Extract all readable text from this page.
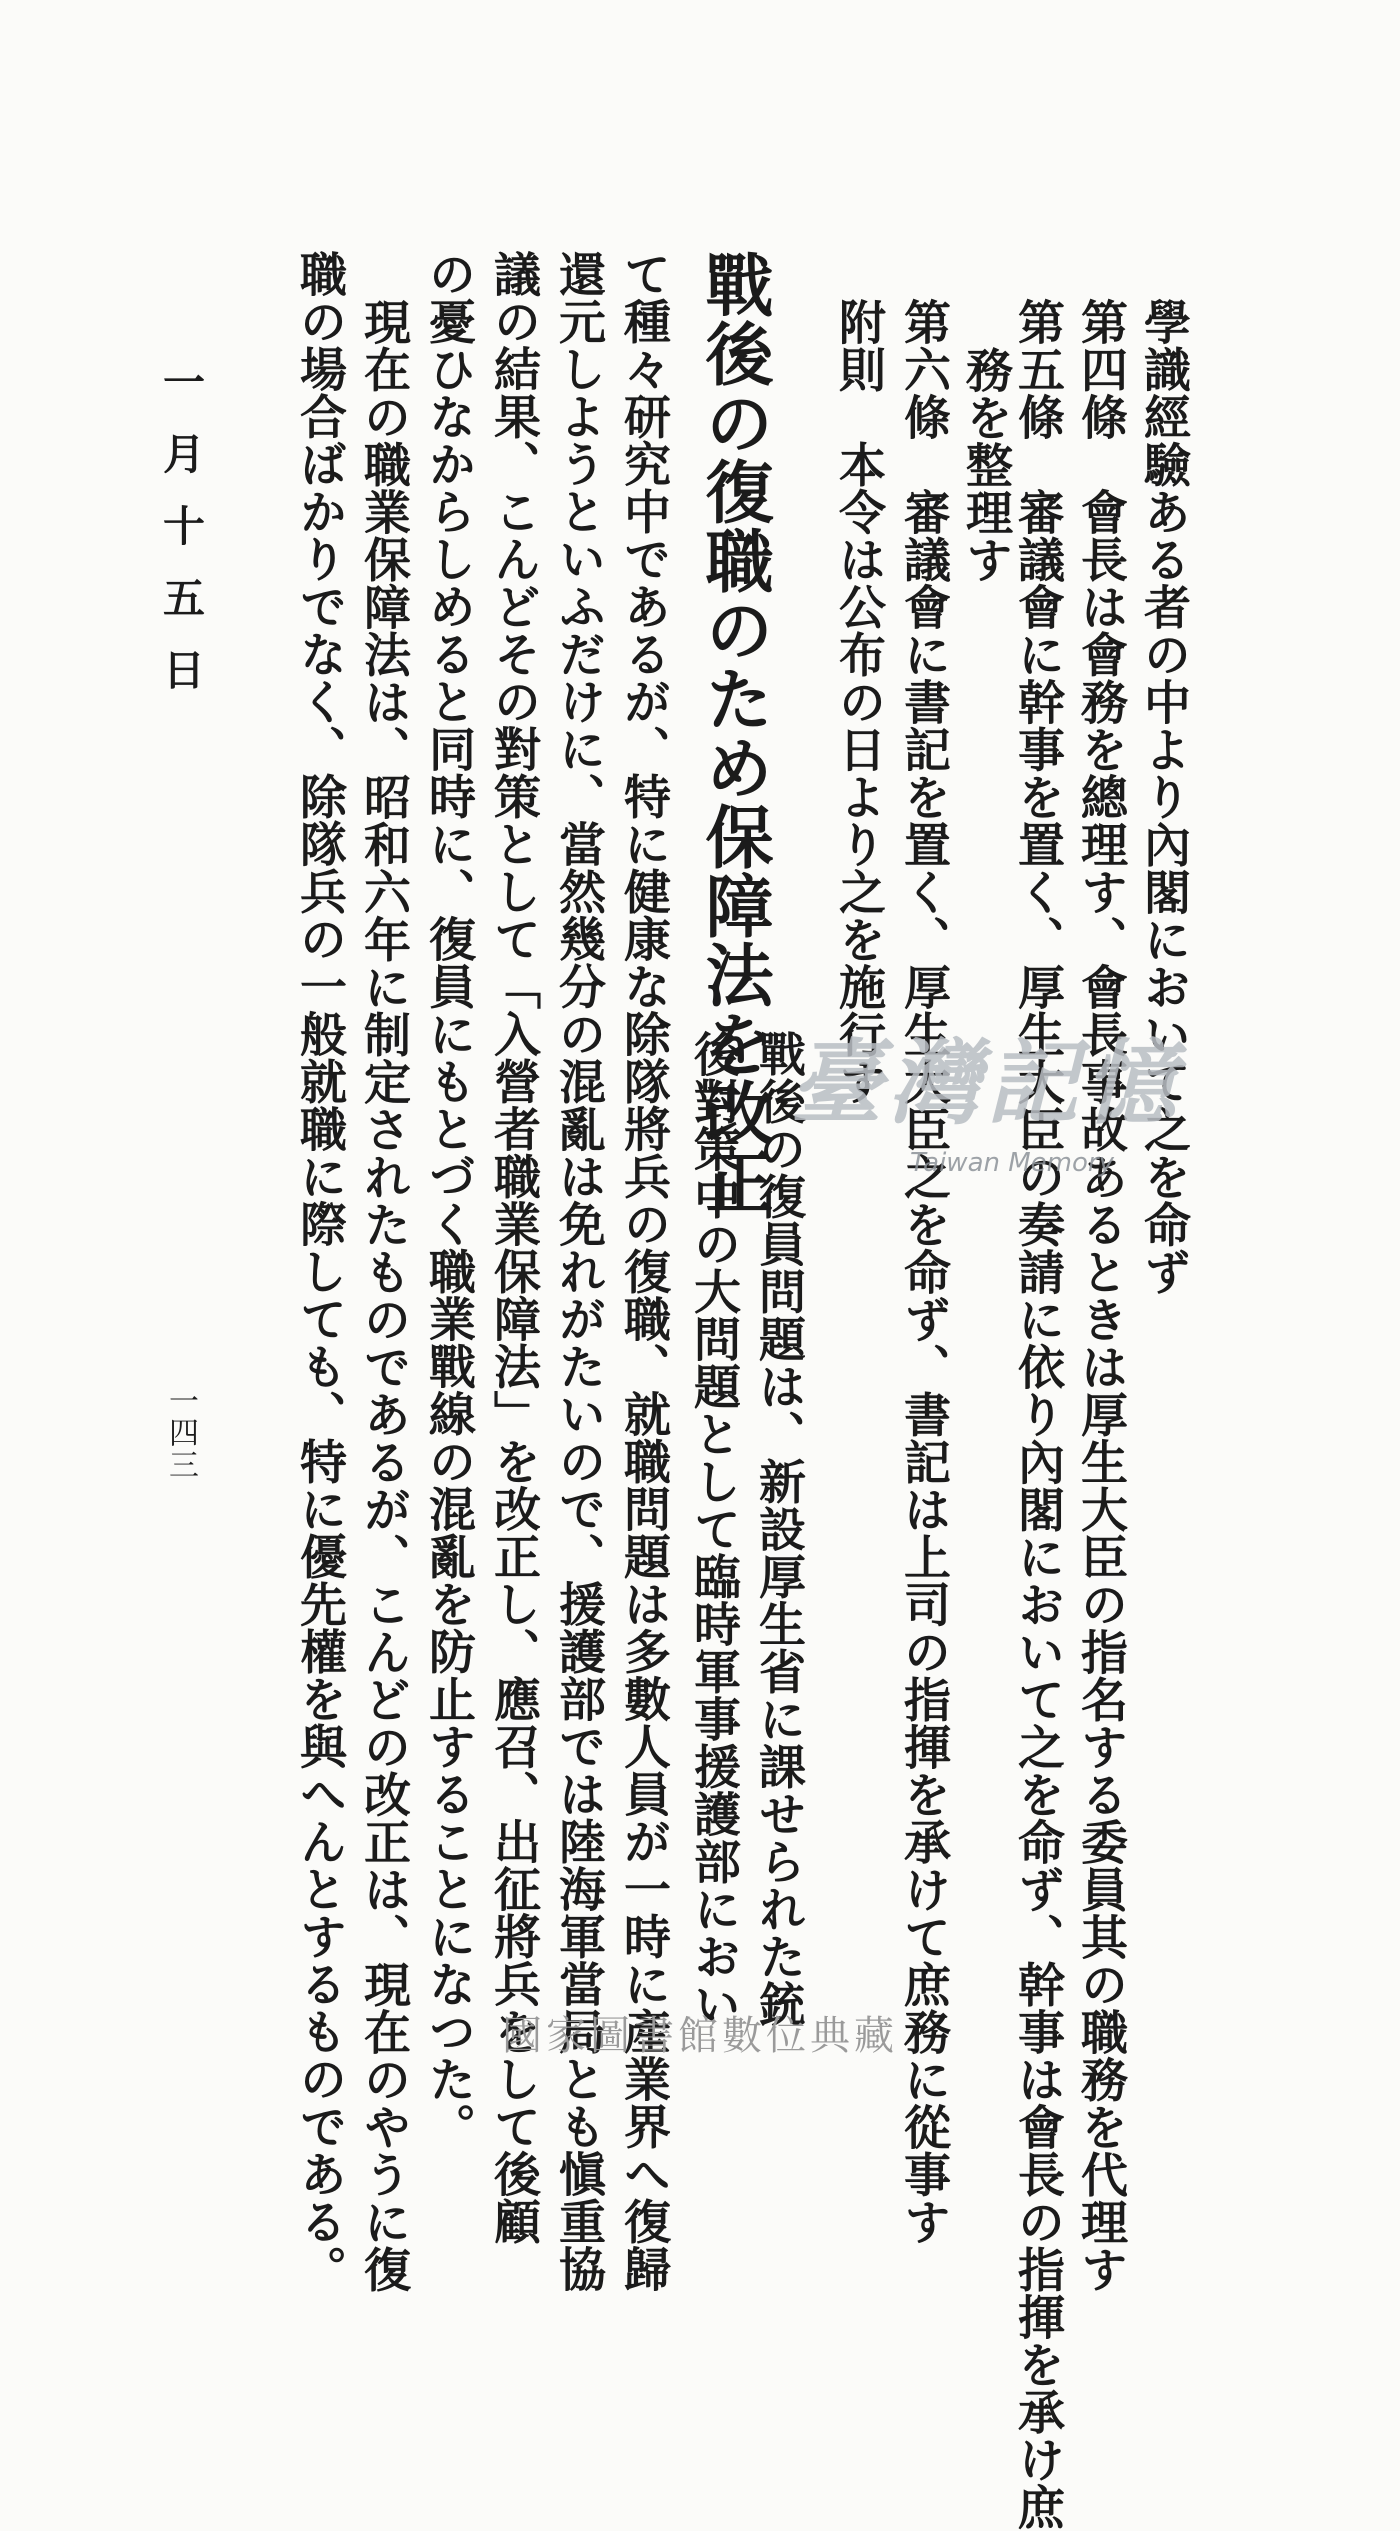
學識經驗ある者の中より內閣において之を命ず
第四條　會長は會務を總理す、會長事故あるときは厚生大臣の指名する委員其の職務を代理す
第五條　審議會に幹事を置く、厚生大臣の奏請に依り內閣において之を命ず、幹事は會長の指揮を承け庶
務を整理す
第六條　審議會に書記を置く、厚生大臣之を命ず、書記は上司の指揮を承けて庶務に從事す
附則　本令は公布の日より之を施行す
戰後の復職のため保障法を改正
戰後の復員問題は、新設厚生省に課せられた銃
後對策中の大問題として臨時軍事援護部におい
て種々研究中であるが、特に健康な除隊將兵の復職、就職問題は多數人員が一時に產業界へ復歸
還元しようといふだけに、當然幾分の混亂は免れがたいので、援護部では陸海軍當局とも愼重協
議の結果、こんどその對策として「入營者職業保障法」を改正し、應召、出征將兵をして後顧
の憂ひなからしめると同時に、復員にもとづく職業戰線の混亂を防止することになつた。
現在の職業保障法は、昭和六年に制定されたものであるが、こんどの改正は、現在のやうに復
職の場合ばかりでなく、除隊兵の一般就職に際しても、特に優先權を與へんとするものである。
一月十五日
一四三
臺灣記憶
Taiwan Memory
國家圖書館數位典藏
